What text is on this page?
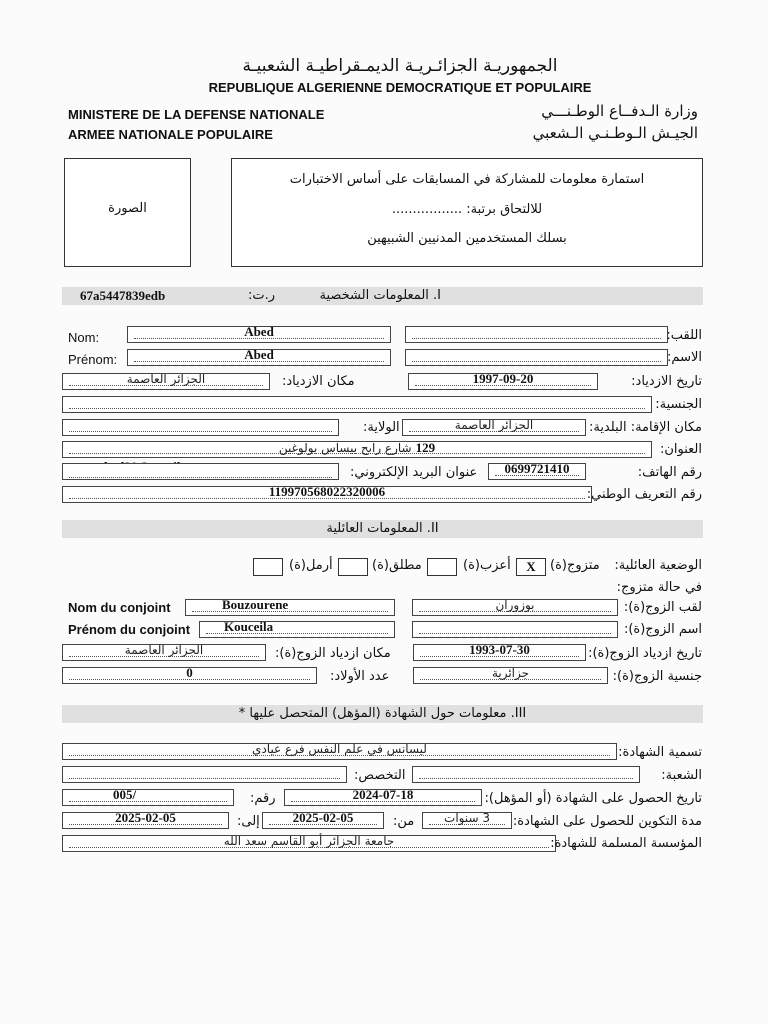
الجمهوريـة الجزائـريـة الديمـقراطيـة الشعبيـة
REPUBLIQUE ALGERIENNE DEMOCRATIQUE ET POPULAIRE
MINISTERE DE LA DEFENSE NATIONALE
ARMEE NATIONALE POPULAIRE
وزارة الـدفــاع الوطـنـــي
الجيـش الـوطـنـي الـشعبي
الصورة
استمارة معلومات للمشاركة في المسابقات على أساس الاختبارات
للالتحاق برتبة: .................
بسلك المستخدمين المدنيين الشبيهين
I. المعلومات الشخصية
ر.ت:
67a5447839edb
Nom:	Abed	اللقب:
Prénom:	Abed	الاسم:
الجزائر العاصمة	مكان الازدياد:	1997-09-20	تاريخ الازدياد:
الجنسية:
الولاية:	الجزائر العاصمة	مكان الإقامة: البلدية:
شارع رابح بيساس بولوغين 129	العنوان:
عنوان البريد الإلكتروني:	0699721410	رقم الهاتف:
119970568022320006	رقم التعريف الوطني:
II. المعلومات العائلية
الوضعية العائلية:
متزوج(ة)
X
أعزب(ة)
مطلق(ة)
أرمل(ة)
في حالة متزوج:
Nom du conjoint	Bouzourene	بوزوران	لقب الزوج(ة):
Prénom du conjoint	Kouceila	اسم الزوج(ة):
الجزائر العاصمة	مكان ازدياد الزوج(ة):	1993-07-30	تاريخ ازدياد الزوج(ة):
0	عدد الأولاد:	جزائرية	جنسية الزوج(ة):
III. معلومات حول الشهادة (المؤهل) المتحصل عليها *
ليسانس في علم النفس فرع عيادي	تسمية الشهادة:
التخصص:	الشعبة:
005/	رقم:	2024-07-18	تاريخ الحصول على الشهادة (أو المؤهل):
2025-02-05	إلى:	2025-02-05	من:	3 سنوات	مدة التكوين للحصول على الشهادة:
جامعة الجزائر أبو القاسم سعد الله	المؤسسة المسلمة للشهادة:
